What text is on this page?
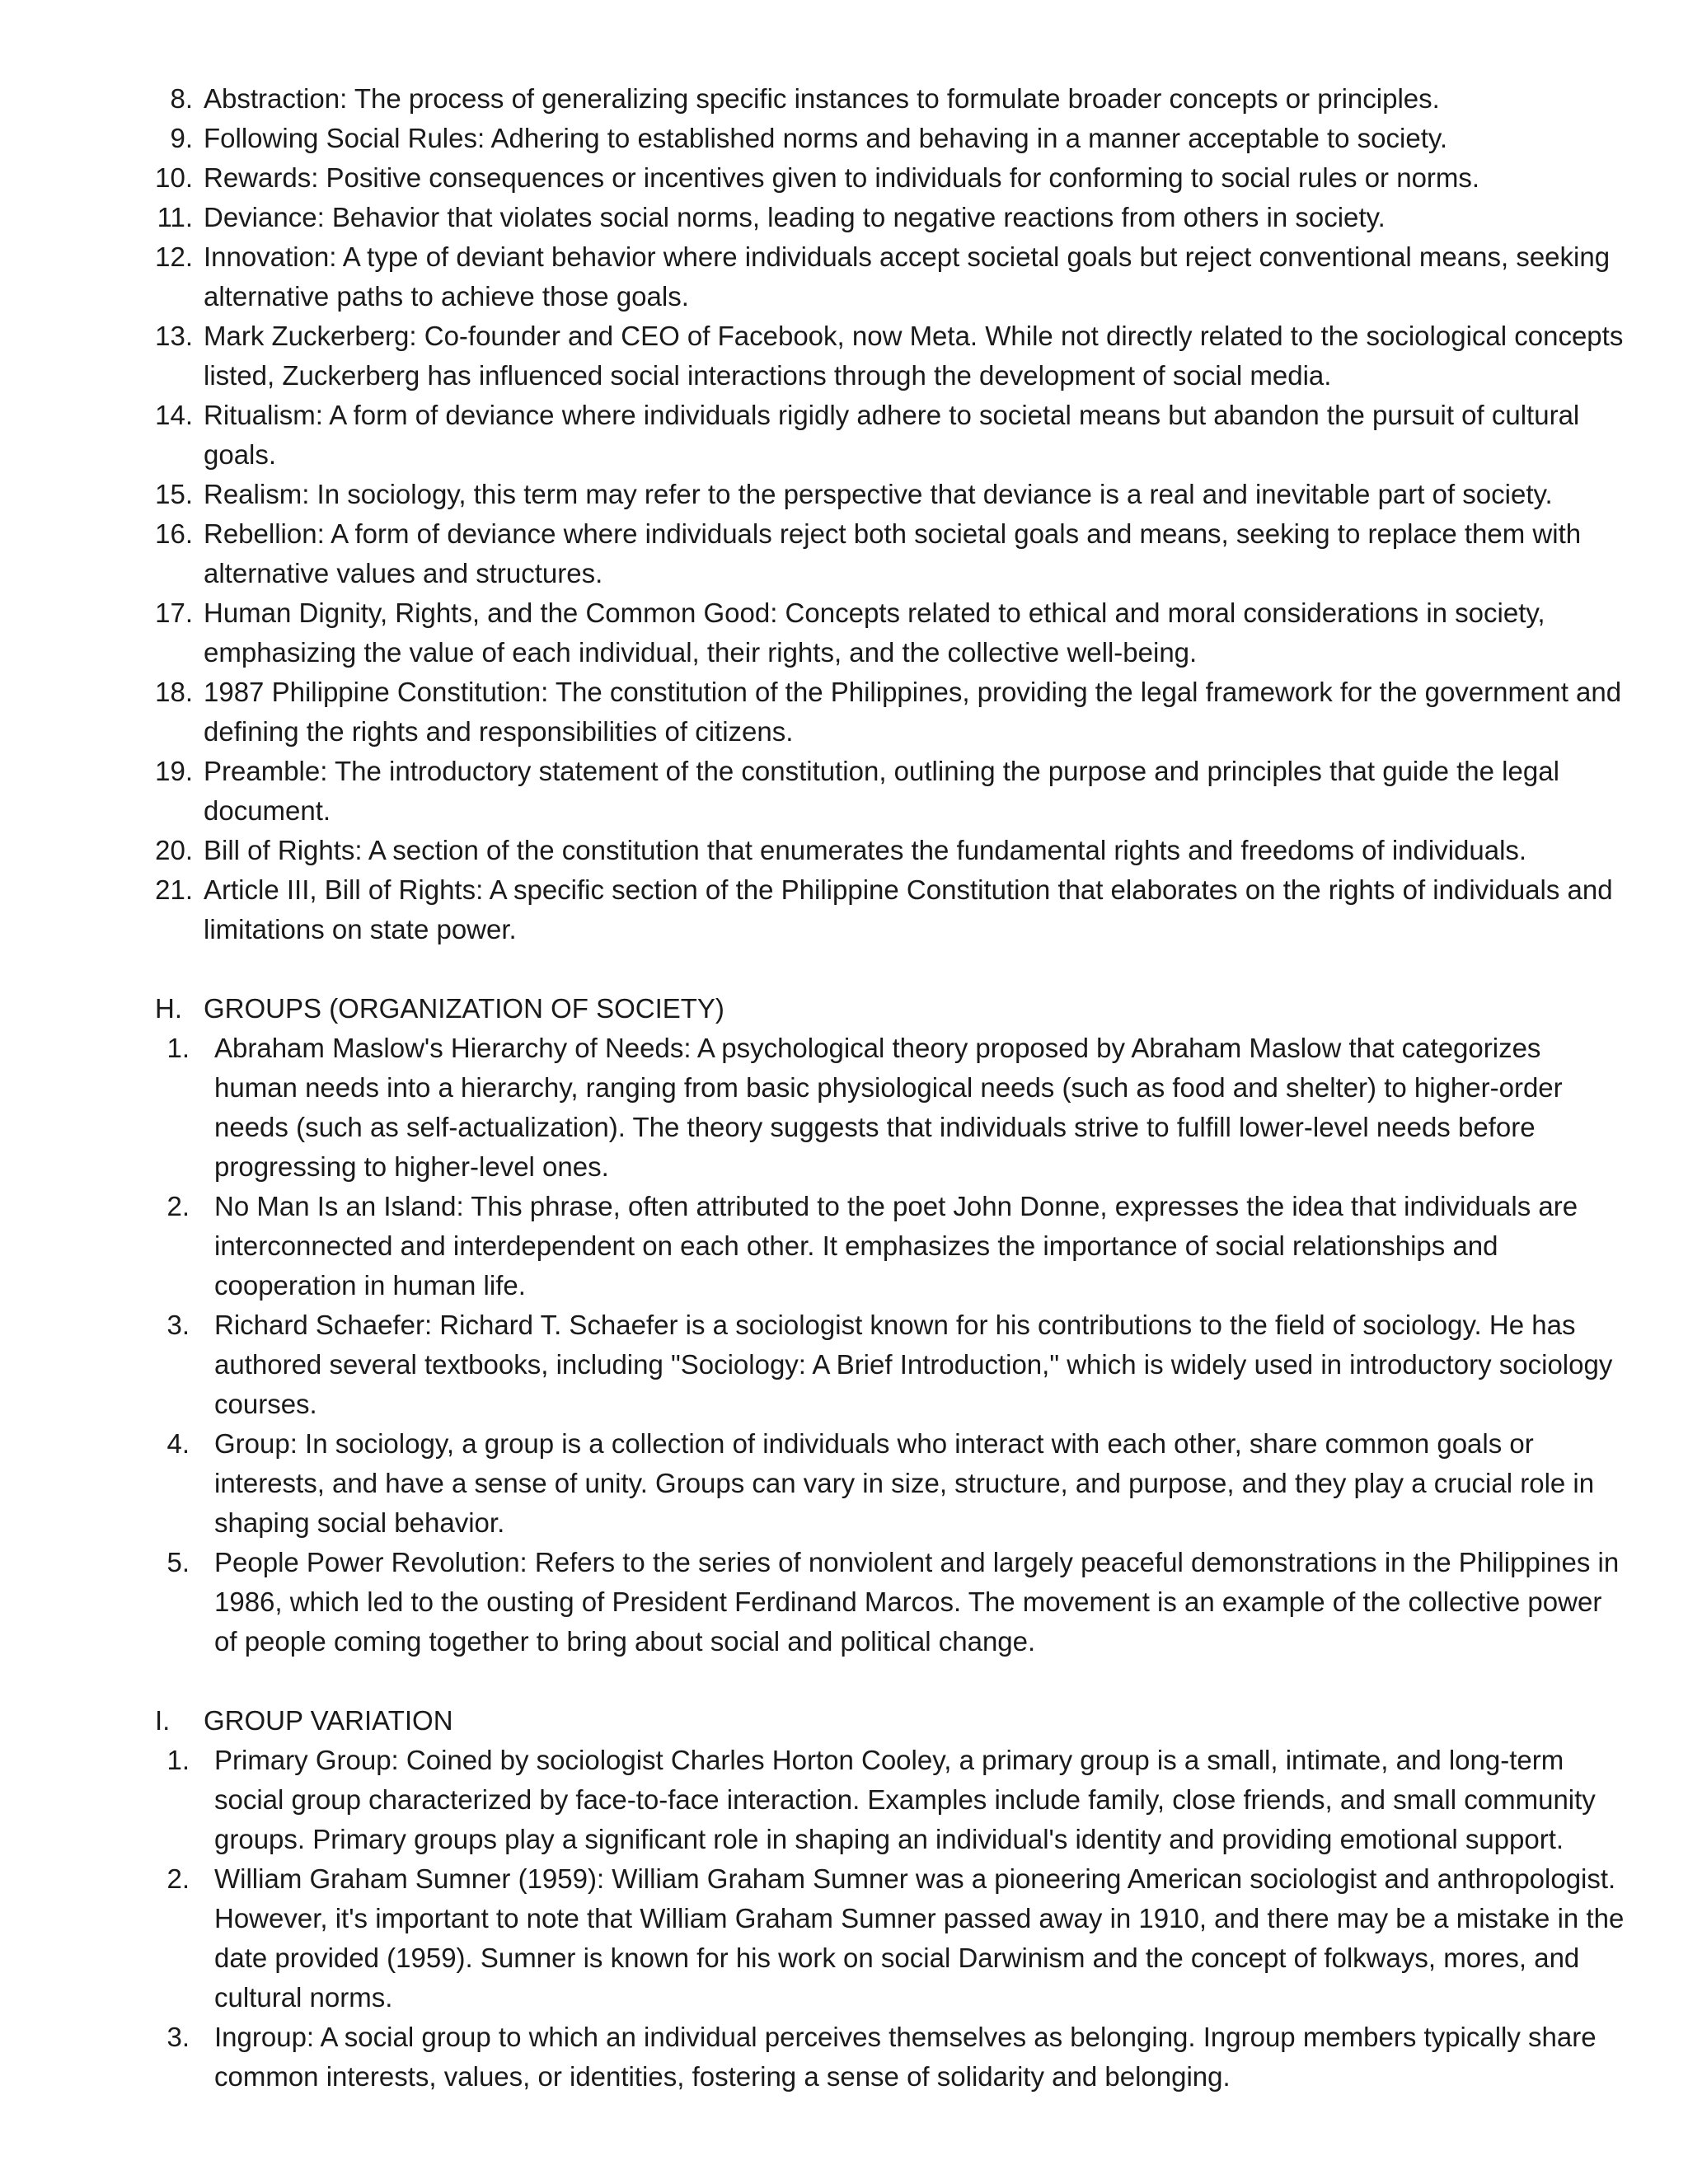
8. Abstraction: The process of generalizing specific instances to formulate broader concepts or principles.
9. Following Social Rules: Adhering to established norms and behaving in a manner acceptable to society.
10. Rewards: Positive consequences or incentives given to individuals for conforming to social rules or norms.
11. Deviance: Behavior that violates social norms, leading to negative reactions from others in society.
12. Innovation: A type of deviant behavior where individuals accept societal goals but reject conventional means, seeking alternative paths to achieve those goals.
13. Mark Zuckerberg: Co-founder and CEO of Facebook, now Meta. While not directly related to the sociological concepts listed, Zuckerberg has influenced social interactions through the development of social media.
14. Ritualism: A form of deviance where individuals rigidly adhere to societal means but abandon the pursuit of cultural goals.
15. Realism: In sociology, this term may refer to the perspective that deviance is a real and inevitable part of society.
16. Rebellion: A form of deviance where individuals reject both societal goals and means, seeking to replace them with alternative values and structures.
17. Human Dignity, Rights, and the Common Good: Concepts related to ethical and moral considerations in society, emphasizing the value of each individual, their rights, and the collective well-being.
18. 1987 Philippine Constitution: The constitution of the Philippines, providing the legal framework for the government and defining the rights and responsibilities of citizens.
19. Preamble: The introductory statement of the constitution, outlining the purpose and principles that guide the legal document.
20. Bill of Rights: A section of the constitution that enumerates the fundamental rights and freedoms of individuals.
21. Article III, Bill of Rights: A specific section of the Philippine Constitution that elaborates on the rights of individuals and limitations on state power.
H. GROUPS (ORGANIZATION OF SOCIETY)
1. Abraham Maslow's Hierarchy of Needs: A psychological theory proposed by Abraham Maslow that categorizes human needs into a hierarchy, ranging from basic physiological needs (such as food and shelter) to higher-order needs (such as self-actualization). The theory suggests that individuals strive to fulfill lower-level needs before progressing to higher-level ones.
2. No Man Is an Island: This phrase, often attributed to the poet John Donne, expresses the idea that individuals are interconnected and interdependent on each other. It emphasizes the importance of social relationships and cooperation in human life.
3. Richard Schaefer: Richard T. Schaefer is a sociologist known for his contributions to the field of sociology. He has authored several textbooks, including "Sociology: A Brief Introduction," which is widely used in introductory sociology courses.
4. Group: In sociology, a group is a collection of individuals who interact with each other, share common goals or interests, and have a sense of unity. Groups can vary in size, structure, and purpose, and they play a crucial role in shaping social behavior.
5. People Power Revolution: Refers to the series of nonviolent and largely peaceful demonstrations in the Philippines in 1986, which led to the ousting of President Ferdinand Marcos. The movement is an example of the collective power of people coming together to bring about social and political change.
I. GROUP VARIATION
1. Primary Group: Coined by sociologist Charles Horton Cooley, a primary group is a small, intimate, and long-term social group characterized by face-to-face interaction. Examples include family, close friends, and small community groups. Primary groups play a significant role in shaping an individual's identity and providing emotional support.
2. William Graham Sumner (1959): William Graham Sumner was a pioneering American sociologist and anthropologist. However, it's important to note that William Graham Sumner passed away in 1910, and there may be a mistake in the date provided (1959). Sumner is known for his work on social Darwinism and the concept of folkways, mores, and cultural norms.
3. Ingroup: A social group to which an individual perceives themselves as belonging. Ingroup members typically share common interests, values, or identities, fostering a sense of solidarity and belonging.
